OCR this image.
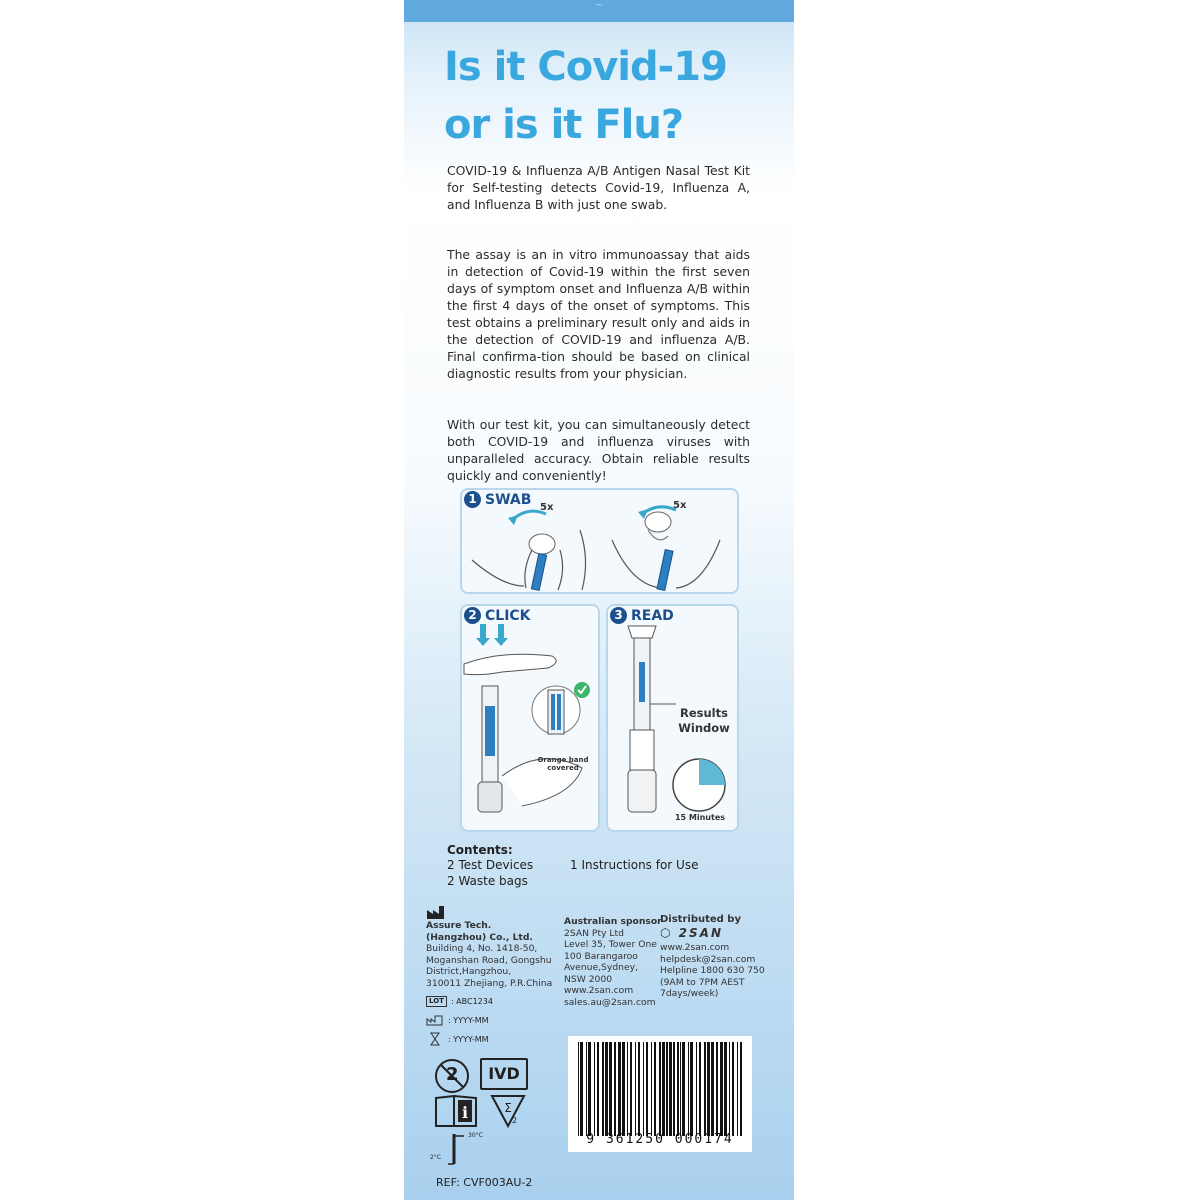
~
Is it Covid-19
or is it Flu?

COVID-19 & Influenza A/B Antigen Nasal Test Kit for Self-testing detects Covid-19, Influenza A, and Influenza B with just one swab.

The assay is an in vitro immunoassay that aids in detection of Covid-19 within the first seven days of symptom onset and Influenza A/B within the first 4 days of the onset of symptoms. This test obtains a preliminary result only and aids in the detection of COVID-19 and influenza A/B. Final confirma-tion should be based on clinical diagnostic results from your physician.

With our test kit, you can simultaneously detect both COVID-19 and influenza viruses with unparalleled accuracy. Obtain reliable results quickly and conveniently!

1 SWAB 5x	5x
2 CLICK
Orange band covered
3 READ
Results
Window
15 Minutes
Contents:
2 Test Devices
2 Waste bags
1 Instructions for Use
Assure Tech.
(Hangzhou) Co., Ltd.
Building 4, No. 1418-50,
Moganshan Road, Gongshu
District,Hangzhou,
310011 Zhejiang, P.R.China
Australian sponsor
2SAN Pty Ltd
Level 35, Tower One
100 Barangaroo
Avenue,Sydney,
NSW 2000
www.2san.com
sales.au@2san.com
Distributed by
⬡ 2SAN
www.2san.com
helpdesk@2san.com
Helpline 1800 630 750
(9AM to 7PM AEST
7days/week)
LOT : ABC1234
: YYYY-MM
: YYYY-MM
2	IVD
i	Σ
2
30°C
2°C
9 361250 000174
REF: CVF003AU-2
